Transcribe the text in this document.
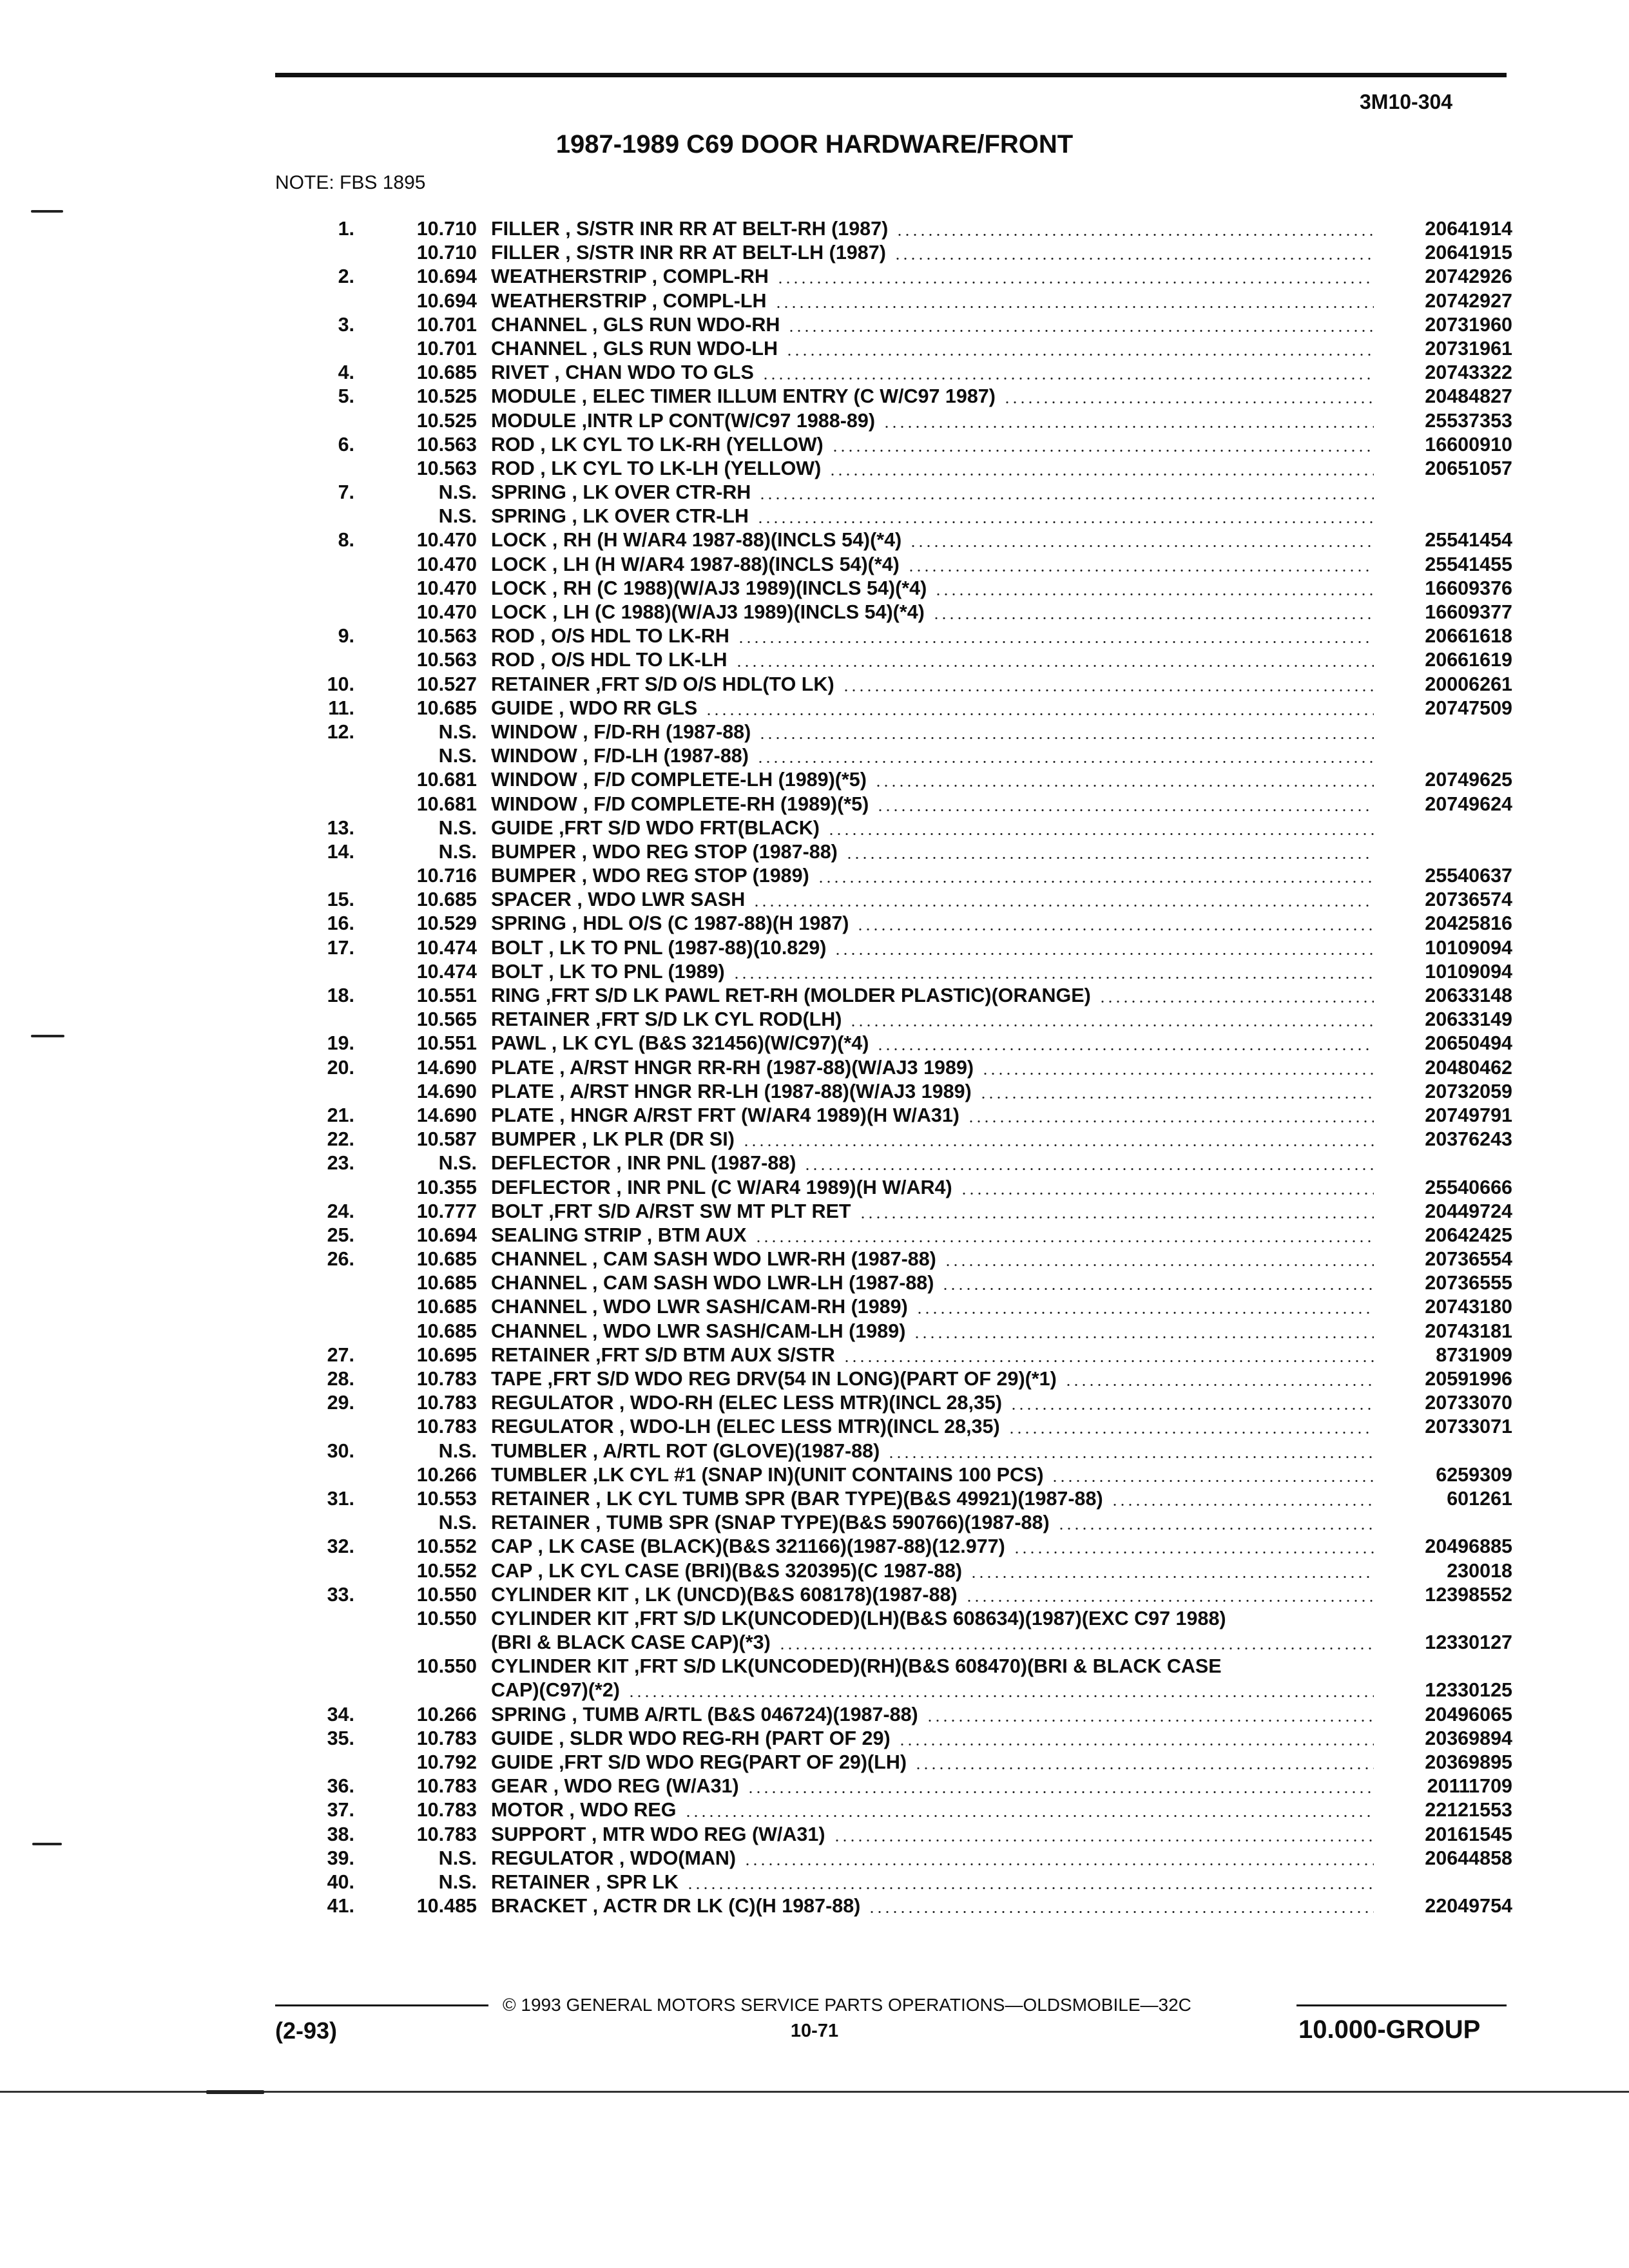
3M10-304
1987-1989 C69 DOOR HARDWARE/FRONT
NOTE: FBS 1895
1.	10.710 FILLER , S/STR INR RR AT BELT-RH (1987)	20641914
10.710 FILLER , S/STR INR RR AT BELT-LH (1987)	20641915
2.	10.694 WEATHERSTRIP , COMPL-RH	20742926
10.694 WEATHERSTRIP , COMPL-LH	20742927
3.	10.701 CHANNEL , GLS RUN WDO-RH	20731960
10.701 CHANNEL , GLS RUN WDO-LH	20731961
4.	10.685 RIVET , CHAN WDO TO GLS	20743322
5.	10.525 MODULE , ELEC TIMER ILLUM ENTRY (C W/C97 1987)	20484827
10.525 MODULE ,INTR LP CONT(W/C97 1988-89)	25537353
6.	10.563 ROD , LK CYL TO LK-RH (YELLOW)	16600910
10.563 ROD , LK CYL TO LK-LH (YELLOW)	20651057
7.	N.S. SPRING , LK OVER CTR-RH
N.S. SPRING , LK OVER CTR-LH
8.	10.470 LOCK , RH (H W/AR4 1987-88)(INCLS 54)(*4)	25541454
10.470 LOCK , LH (H W/AR4 1987-88)(INCLS 54)(*4)	25541455
10.470 LOCK , RH (C 1988)(W/AJ3 1989)(INCLS 54)(*4)	16609376
10.470 LOCK , LH (C 1988)(W/AJ3 1989)(INCLS 54)(*4)	16609377
9.	10.563 ROD , O/S HDL TO LK-RH	20661618
10.563 ROD , O/S HDL TO LK-LH	20661619
10.	10.527 RETAINER ,FRT S/D O/S HDL(TO LK)	20006261
11.	10.685 GUIDE , WDO RR GLS	20747509
12.	N.S. WINDOW , F/D-RH (1987-88)
N.S. WINDOW , F/D-LH (1987-88)
10.681 WINDOW , F/D COMPLETE-LH (1989)(*5)	20749625
10.681 WINDOW , F/D COMPLETE-RH (1989)(*5)	20749624
13.	N.S. GUIDE ,FRT S/D WDO FRT(BLACK)
14.	N.S. BUMPER , WDO REG STOP (1987-88)
10.716 BUMPER , WDO REG STOP (1989)	25540637
15.	10.685 SPACER , WDO LWR SASH	20736574
16.	10.529 SPRING , HDL O/S (C 1987-88)(H 1987)	20425816
17.	10.474 BOLT , LK TO PNL (1987-88)(10.829)	10109094
10.474 BOLT , LK TO PNL (1989)	10109094
18.	10.551 RING ,FRT S/D LK PAWL RET-RH (MOLDER PLASTIC)(ORANGE)	20633148
10.565 RETAINER ,FRT S/D LK CYL ROD(LH)	20633149
19.	10.551 PAWL , LK CYL (B&S 321456)(W/C97)(*4)	20650494
20.	14.690 PLATE , A/RST HNGR RR-RH (1987-88)(W/AJ3 1989)	20480462
14.690 PLATE , A/RST HNGR RR-LH (1987-88)(W/AJ3 1989)	20732059
21.	14.690 PLATE , HNGR A/RST FRT (W/AR4 1989)(H W/A31)	20749791
22.	10.587 BUMPER , LK PLR (DR SI)	20376243
23.	N.S. DEFLECTOR , INR PNL (1987-88)
10.355 DEFLECTOR , INR PNL (C W/AR4 1989)(H W/AR4)	25540666
24.	10.777 BOLT ,FRT S/D A/RST SW MT PLT RET	20449724
25.	10.694 SEALING STRIP , BTM AUX	20642425
26.	10.685 CHANNEL , CAM SASH WDO LWR-RH (1987-88)	20736554
10.685 CHANNEL , CAM SASH WDO LWR-LH (1987-88)	20736555
10.685 CHANNEL , WDO LWR SASH/CAM-RH (1989)	20743180
10.685 CHANNEL , WDO LWR SASH/CAM-LH (1989)	20743181
27.	10.695 RETAINER ,FRT S/D BTM AUX S/STR	8731909
28.	10.783 TAPE ,FRT S/D WDO REG DRV(54 IN LONG)(PART OF 29)(*1)	20591996
29.	10.783 REGULATOR , WDO-RH (ELEC LESS MTR)(INCL 28,35)	20733070
10.783 REGULATOR , WDO-LH (ELEC LESS MTR)(INCL 28,35)	20733071
30.	N.S. TUMBLER , A/RTL ROT (GLOVE)(1987-88)
10.266 TUMBLER ,LK CYL #1 (SNAP IN)(UNIT CONTAINS 100 PCS)	6259309
31.	10.553 RETAINER , LK CYL TUMB SPR (BAR TYPE)(B&S 49921)(1987-88)	601261
N.S. RETAINER , TUMB SPR (SNAP TYPE)(B&S 590766)(1987-88)
32.	10.552 CAP , LK CASE (BLACK)(B&S 321166)(1987-88)(12.977)	20496885
10.552 CAP , LK CYL CASE (BRI)(B&S 320395)(C 1987-88)	230018
33.	10.550 CYLINDER KIT , LK (UNCD)(B&S 608178)(1987-88)	12398552
10.550 CYLINDER KIT ,FRT S/D LK(UNCODED)(LH)(B&S 608634)(1987)(EXC C97 1988)
(BRI & BLACK CASE CAP)(*3)	12330127
10.550 CYLINDER KIT ,FRT S/D LK(UNCODED)(RH)(B&S 608470)(BRI & BLACK CASE
CAP)(C97)(*2)	12330125
34.	10.266 SPRING , TUMB A/RTL (B&S 046724)(1987-88)	20496065
35.	10.783 GUIDE , SLDR WDO REG-RH (PART OF 29)	20369894
10.792 GUIDE ,FRT S/D WDO REG(PART OF 29)(LH)	20369895
36.	10.783 GEAR , WDO REG (W/A31)	20111709
37.	10.783 MOTOR , WDO REG	22121553
38.	10.783 SUPPORT , MTR WDO REG (W/A31)	20161545
39.	N.S. REGULATOR , WDO(MAN)	20644858
40.	N.S. RETAINER , SPR LK
41.	10.485 BRACKET , ACTR DR LK (C)(H 1987-88)	22049754
© 1993 GENERAL MOTORS SERVICE PARTS OPERATIONS—OLDSMOBILE—32C
(2-93)	10-71	10.000-GROUP
